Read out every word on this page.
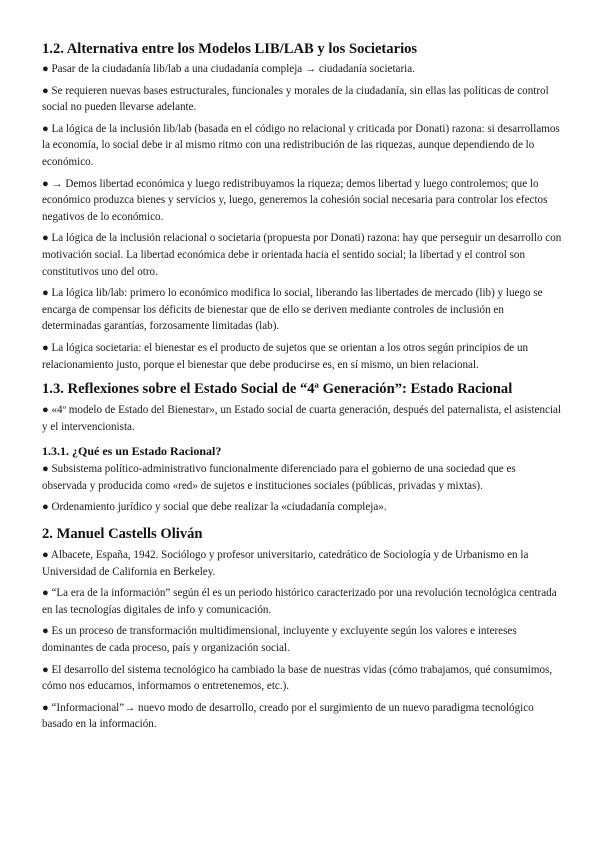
1.2. Alternativa entre los Modelos LIB/LAB y los Societarios

● Pasar de la ciudadanía lib/lab a una ciudadanía compleja → ciudadanía societaria.

● Se requieren nuevas bases estructurales, funcionales y morales de la ciudadanía, sin ellas las políticas de control social no pueden llevarse adelante.

● La lógica de la inclusión lib/lab (basada en el código no relacional y criticada por Donati) razona: si desarrollamos la economía, lo social debe ir al mismo ritmo con una redistribución de las riquezas, aunque dependiendo de lo económico.

● → Demos libertad económica y luego redistribuyamos la riqueza; demos libertad y luego controlemos; que lo económico produzca bienes y servicios y, luego, generemos la cohesión social necesaria para controlar los efectos negativos de lo económico.

● La lógica de la inclusión relacional o societaria (propuesta por Donati) razona: hay que perseguir un desarrollo con motivación social. La libertad económica debe ir orientada hacia el sentido social; la libertad y el control son constitutivos uno del otro.

● La lógica lib/lab: primero lo económico modifica lo social, liberando las libertades de mercado (lib) y luego se encarga de compensar los déficits de bienestar que de ello se deriven mediante controles de inclusión en determinadas garantías, forzosamente limitadas (lab).

● La lógica societaria: el bienestar es el producto de sujetos que se orientan a los otros según principios de un relacionamiento justo, porque el bienestar que debe producirse es, en sí mismo, un bien relacional.

1.3. Reflexiones sobre el Estado Social de “4ª Generación”: Estado Racional

● «4º modelo de Estado del Bienestar», un Estado social de cuarta generación, después del paternalista, el asistencial y el intervencionista.

1.3.1. ¿Qué es un Estado Racional?

● Subsistema político-administrativo funcionalmente diferenciado para el gobierno de una sociedad que es observada y producida como «red» de sujetos e instituciones sociales (públicas, privadas y mixtas).

● Ordenamiento jurídico y social que debe realizar la «ciudadanía compleja».

2. Manuel Castells Oliván

● Albacete, España, 1942. Sociólogo y profesor universitario, catedrático de Sociología y de Urbanismo en la Universidad de California en Berkeley.

● “La era de la información” según él es un periodo histórico caracterizado por una revolución tecnológica centrada en las tecnologías digitales de info y comunicación.

● Es un proceso de transformación multidimensional, incluyente y excluyente según los valores e intereses dominantes de cada proceso, país y organización social.

● El desarrollo del sistema tecnológico ha cambiado la base de nuestras vidas (cómo trabajamos, qué consumimos, cómo nos educamos, informamos o entretenemos, etc.).

● “Informacional”→ nuevo modo de desarrollo, creado por el surgimiento de un nuevo paradigma tecnológico basado en la información.
